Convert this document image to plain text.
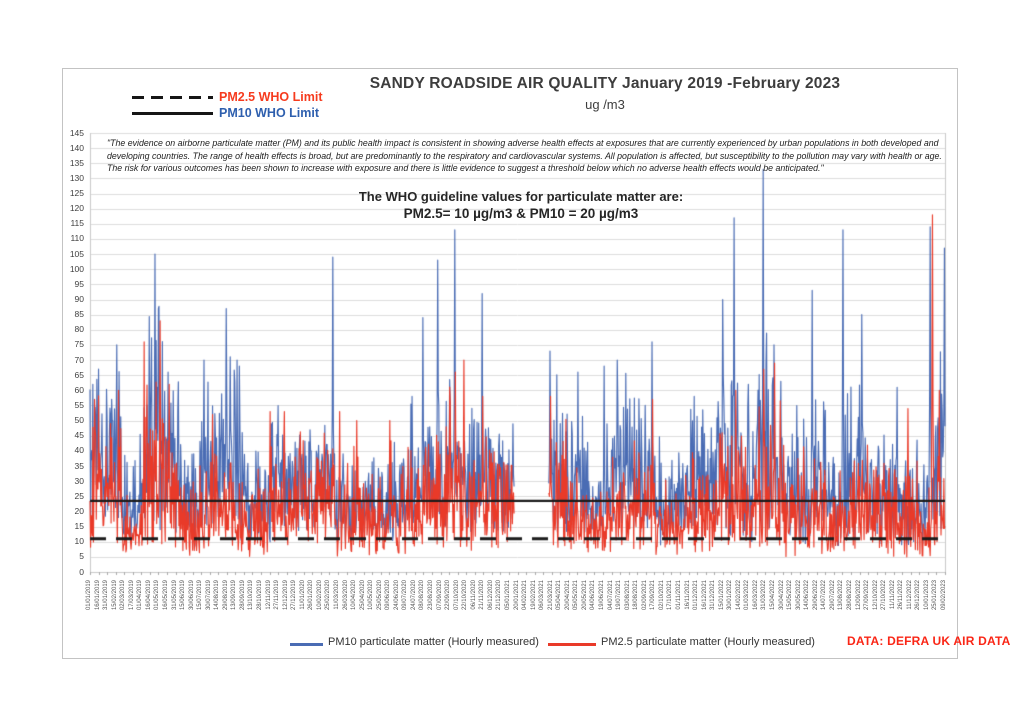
PM2.5 WHO Limit
PM10 WHO Limit
SANDY ROADSIDE AIR QUALITY January 2019 -February 2023
ug /m3
"The evidence on airborne particulate matter (PM) and its public health impact is consistent in showing adverse health effects at exposures that are currently experienced by urban populations in both developed and developing countries. The range of health effects is broad, but are predominantly to the respiratory and cardiovascular systems. All population is affected, but susceptibility to the pollution may vary with health or age. The risk for various outcomes has been shown to increase with exposure and there is little evidence to suggest a threshold below which no adverse health effects would be anticipated."
The WHO guideline values for particulate matter are:
PM2.5= 10 µg/m3 & PM10 = 20 µg/m3
0
5
10
15
20
25
30
35
40
45
50
55
60
65
70
75
80
85
90
95
100
105
110
115
120
125
130
135
140
145
01/01/2019 16/01/2019 31/01/2019 15/02/2019 02/03/2019 17/03/2019 01/04/2019 16/04/2019 01/05/2019 16/05/2019 31/05/2019 15/06/2019 30/06/2019 15/07/2019 30/07/2019 14/08/2019 29/08/2019 13/09/2019 28/09/2019 13/10/2019 28/10/2019 12/11/2019 27/11/2019 12/12/2019 27/12/2019 11/01/2020 26/01/2020 10/02/2020 25/02/2020 11/03/2020 26/03/2020 10/04/2020 25/04/2020 10/05/2020 25/05/2020 09/06/2020 24/06/2020 09/07/2020 24/07/2020 08/08/2020 23/08/2020 07/09/2020 22/09/2020 07/10/2020 22/10/2020 06/11/2020 21/11/2020 06/12/2020 21/12/2020 05/01/2021 20/01/2021 04/02/2021 19/02/2021 06/03/2021 21/03/2021 05/04/2021 20/04/2021 05/05/2021 20/05/2021 04/06/2021 19/06/2021 04/07/2021 19/07/2021 03/08/2021 18/08/2021 02/09/2021 17/09/2021 02/10/2021 17/10/2021 01/11/2021 16/11/2021 01/12/2021 16/12/2021 31/12/2021 15/01/2022 30/01/2022 14/02/2022 01/03/2022 16/03/2022 31/03/2022 15/04/2022 30/04/2022 15/05/2022 30/05/2022 14/06/2022 29/06/2022 14/07/2022 29/07/2022 13/08/2022 28/08/2022 12/09/2022 27/09/2022 12/10/2022 27/10/2022 11/11/2022 26/11/2022 11/12/2022 26/12/2022 10/01/2023 25/01/2023 09/02/2023
PM10 particulate matter (Hourly measured)	PM2.5 particulate matter (Hourly measured)	DATA: DEFRA UK AIR DATA
